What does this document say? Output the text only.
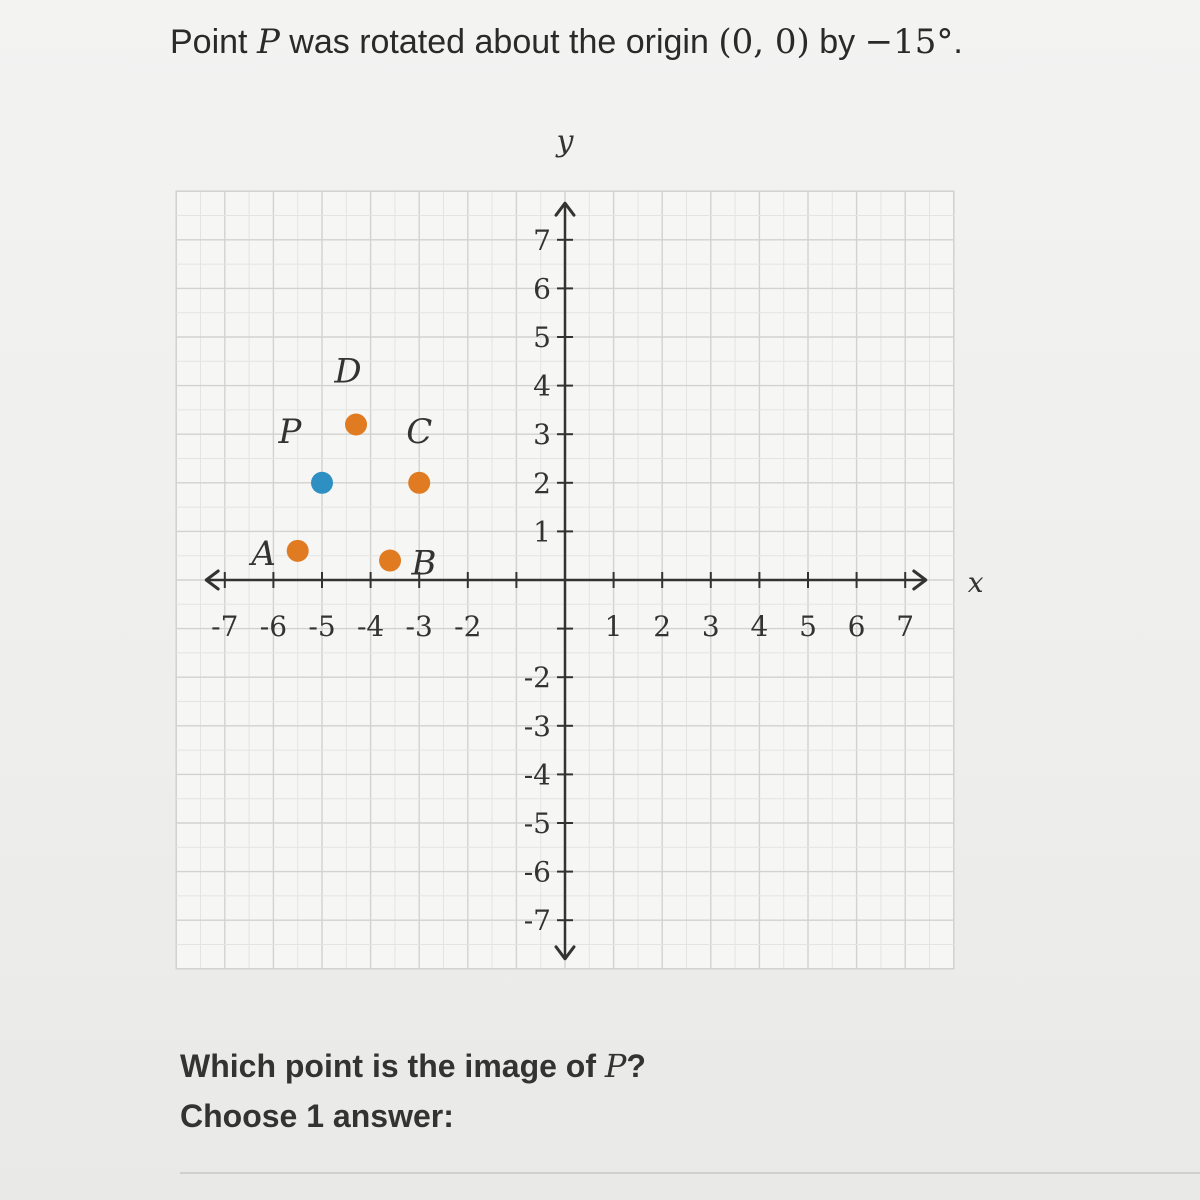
Point P was rotated about the origin (0, 0) by −15°.
-7 -6 -5 -4 -3 -2	1 2 3 4 5 6 7
7
6
5
4
3
2
1
-2
-3
-4
-5
-6
-7
x
y
P
A	B
C
D
Which point is the image of P?
Choose 1 answer:
